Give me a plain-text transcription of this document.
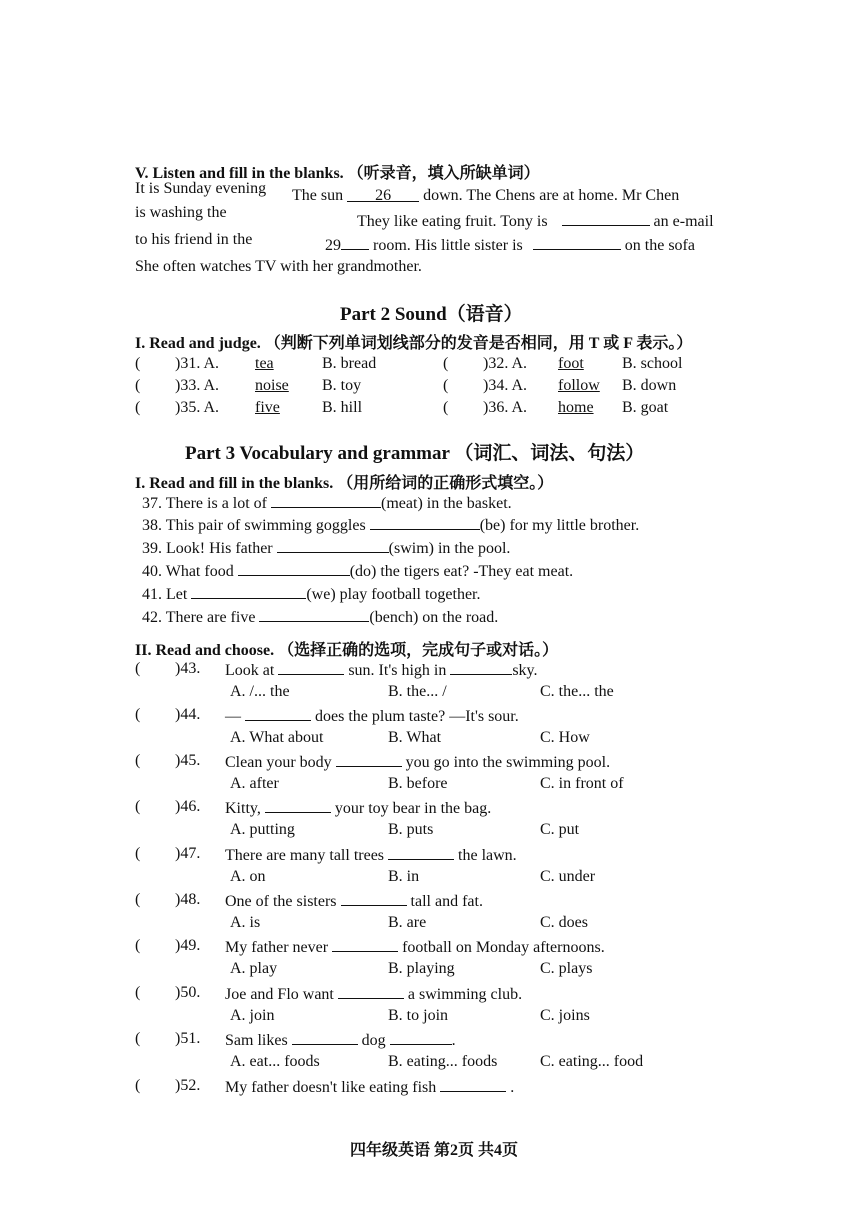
V. Listen and fill in the blanks. （听录音，填入所缺单词）
It is Sunday evening The sun 26 down. The Chens are at home. Mr Chen
is washing the
They like eating fruit. Tony is	an e-mail
to his friend in the	29 room. His little sister is	on the sofa
She often watches TV with her grandmother.
Part 2 Sound（语音）
I. Read and judge. （判断下列单词划线部分的发音是否相同，用 T 或 F 表示。）
( )31. A. tea	B. bread	( )32. A. foot B. school
( )33. A. noise B. toy	( )34. A. follow B. down
( )35. A. five	B. hill	( )36. A. home B. goat
Part 3 Vocabulary and grammar （词汇、词法、句法）
I. Read and fill in the blanks. （用所给词的正确形式填空。）
37. There is a lot of	(meat) in the basket.
38. This pair of swimming goggles	(be) for my little brother.
39. Look! His father	(swim) in the pool.
40. What food	(do) the tigers eat? -They eat meat.
41. Let	(we) play football together.
42. There are five	(bench) on the road.
II. Read and choose. （选择正确的选项，完成句子或对话。）
( )43. Look at	sun. It's high in	sky.
A. /... the	B. the... /	C. the... the
( )44. —	does the plum taste? —It's sour.
A. What about	B. What	C. How
( )45. Clean your body	you go into the swimming pool.
A. after	B. before	C. in front of
( )46. Kitty,	your toy bear in the bag.
A. putting	B. puts	C. put
( )47. There are many tall trees	the lawn.
A. on	B. in	C. under
( )48. One of the sisters	tall and fat.
A. is	B. are	C. does
( )49. My father never	football on Monday afternoons.
A. play	B. playing	C. plays
( )50. Joe and Flo want	a swimming club.
A. join	B. to join	C. joins
( )51. Sam likes	dog	.
A. eat... foods	B. eating... foods	C. eating... food
( )52. My father doesn't like eating fish	.
四年级英语 第2页 共4页
